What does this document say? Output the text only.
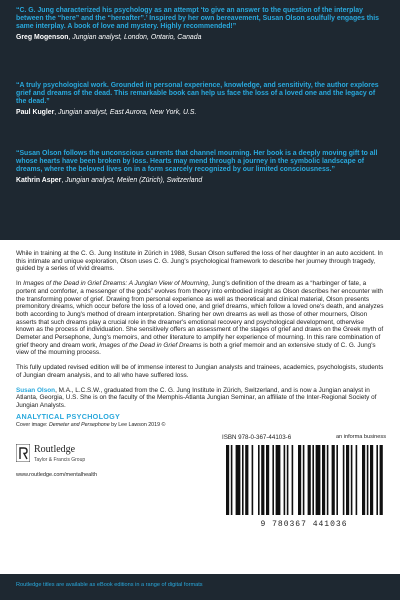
“C. G. Jung characterized his psychology as an attempt ‘to give an answer to the question of the interplay between the “here” and the “hereafter”.’ Inspired by her own bereavement, Susan Olson soulfully engages this same interplay. A book of love and mystery. Highly recommended!”

Greg Mogenson, Jungian analyst, London, Ontario, Canada

“A truly psychological work. Grounded in personal experience, knowledge, and sensitivity, the author explores grief and dreams of the dead. This remarkable book can help us face the loss of a loved one and the legacy of the dead.”

Paul Kugler, Jungian analyst, East Aurora, New York, U.S.

“Susan Olson follows the unconscious currents that channel mourning. Her book is a deeply moving gift to all whose hearts have been broken by loss. Hearts may mend through a journey in the symbolic landscape of dreams, where the beloved lives on in a form scarcely recognized by our limited consciousness.”

Kathrin Asper, Jungian analyst, Meilen (Zürich), Switzerland

While in training at the C. G. Jung Institute in Zürich in 1988, Susan Olson suffered the loss of her daughter in an auto accident. In this intimate and unique exploration, Olson uses C. G. Jung's psychological framework to describe her journey through tragedy, guided by a series of vivid dreams.

In Images of the Dead in Grief Dreams: A Jungian View of Mourning, Jung's definition of the dream as a “harbinger of fate, a portent and comforter, a messenger of the gods” evolves from theory into embodied insight as Olson describes her encounter with the transforming power of grief. Drawing from personal experience as well as theoretical and clinical material, Olson presents premonitory dreams, which occur before the loss of a loved one, and grief dreams, which follow a loved one's death, and analyzes both according to Jung's method of dream interpretation. Sharing her own dreams as well as those of other mourners, Olson asserts that such dreams play a crucial role in the dreamer's emotional recovery and psychological development, otherwise known as the process of individuation. She sensitively offers an assessment of the stages of grief and draws on the Greek myth of Demeter and Persephone, Jung's memoirs, and other literature to amplify her experience of mourning. In this rare combination of grief theory and dream work, Images of the Dead in Grief Dreams is both a grief memoir and an extensive study of C. G. Jung's view of the mourning process.

This fully updated revised edition will be of immense interest to Jungian analysts and trainees, academics, psychologists, students of Jungian dream analysis, and to all who have suffered loss.

Susan Olson, M.A., L.C.S.W., graduated from the C. G. Jung Institute in Zürich, Switzerland, and is now a Jungian analyst in Atlanta, Georgia, U.S. She is on the faculty of the Memphis-Atlanta Jungian Seminar, an affiliate of the Inter-Regional Society of Jungian Analysts.

ANALYTICAL PSYCHOLOGY
Cover image: Demeter and Persephone by Lee Lawson 2019 ©
Routledge
Taylor & Francis Group
www.routledge.com/mentalhealth
ISBN 978-0-367-44103-6	an informa business
9 780367 441036
Routledge titles are available as eBook editions in a range of digital formats
